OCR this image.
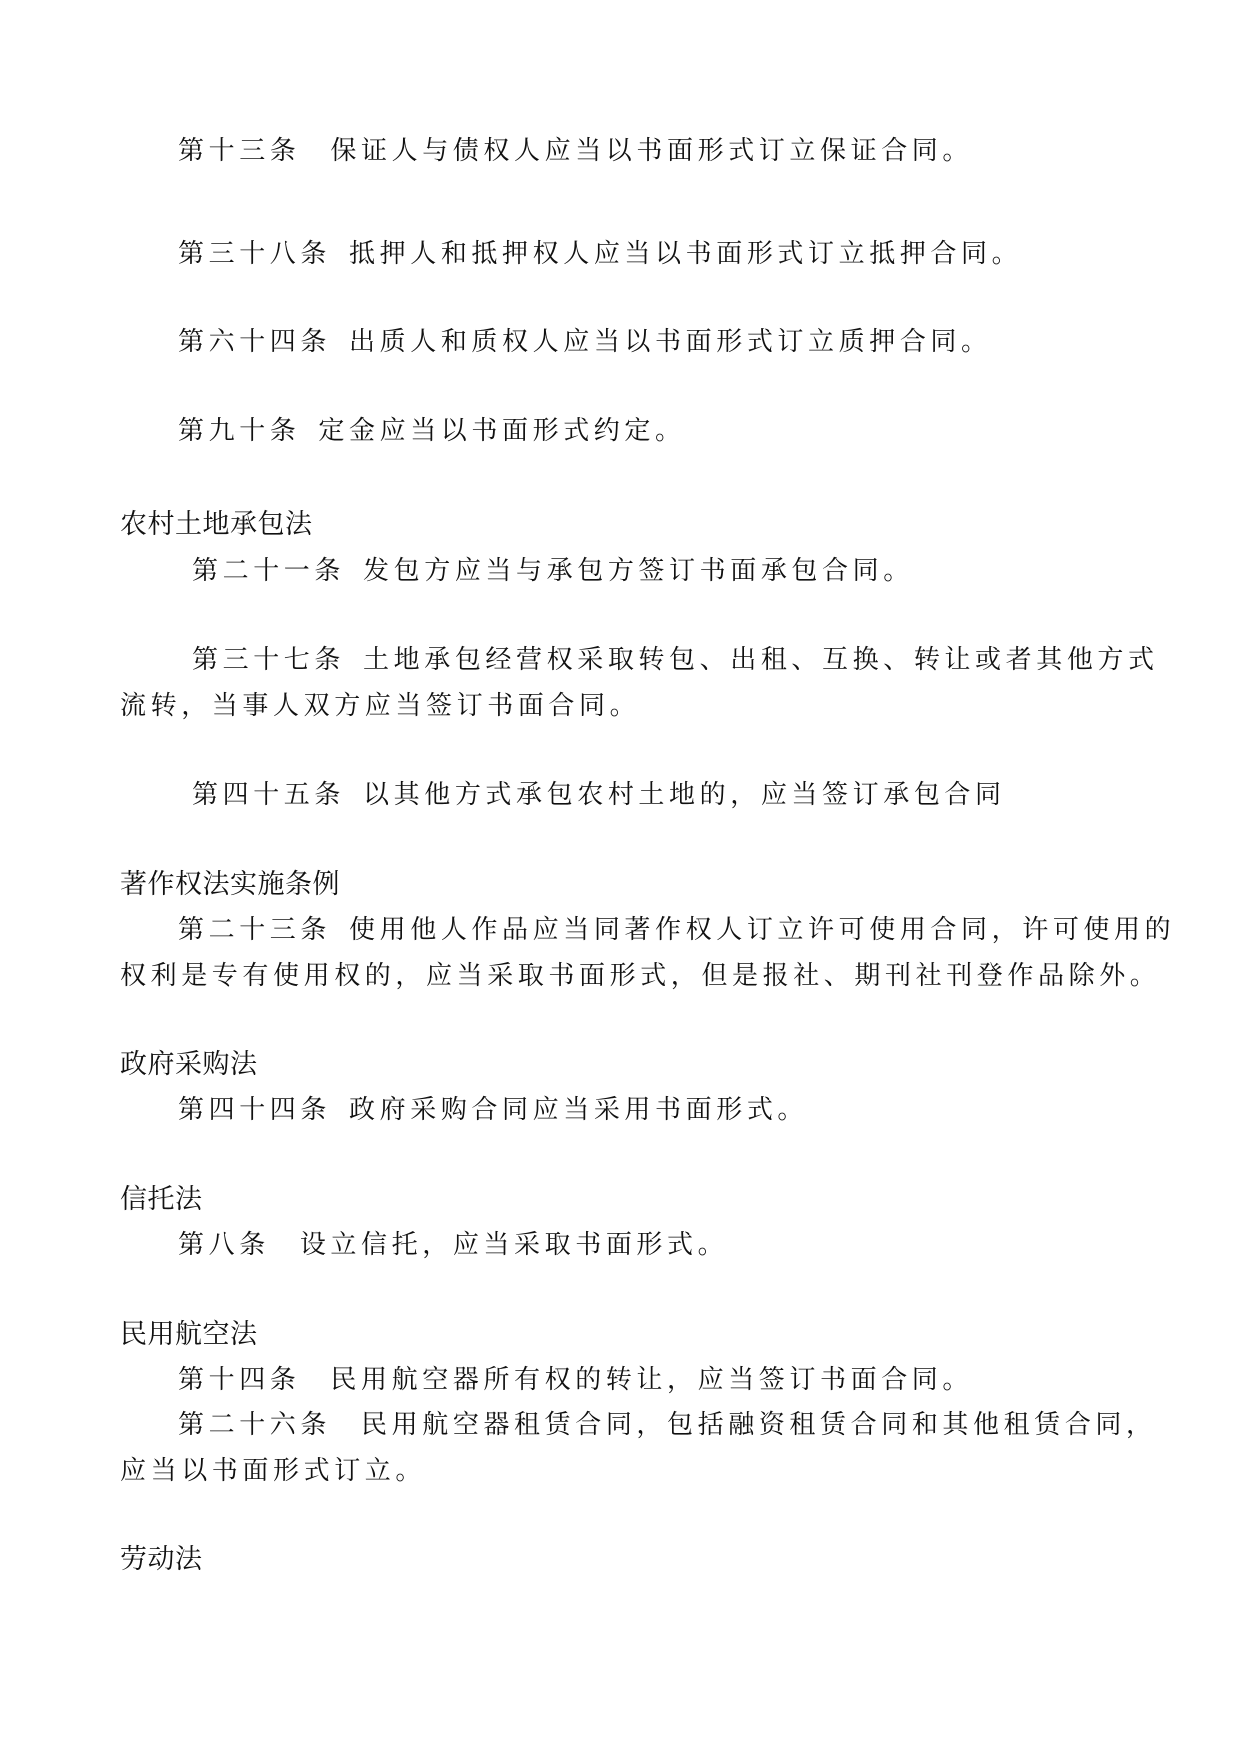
第十三条 保证人与债权人应当以书面形式订立保证合同。
第三十八条 抵押人和抵押权人应当以书面形式订立抵押合同。
第六十四条 出质人和质权人应当以书面形式订立质押合同。
第九十条 定金应当以书面形式约定。
农村土地承包法
第二十一条 发包方应当与承包方签订书面承包合同。
第三十七条 土地承包经营权采取转包、出租、互换、转让或者其他方式
流转，当事人双方应当签订书面合同。
第四十五条 以其他方式承包农村土地的，应当签订承包合同
著作权法实施条例
第二十三条 使用他人作品应当同著作权人订立许可使用合同，许可使用的
权利是专有使用权的，应当采取书面形式，但是报社、期刊社刊登作品除外。
政府采购法
第四十四条 政府采购合同应当采用书面形式。
信托法
第八条 设立信托，应当采取书面形式。
民用航空法
第十四条 民用航空器所有权的转让，应当签订书面合同。
第二十六条 民用航空器租赁合同，包括融资租赁合同和其他租赁合同，
应当以书面形式订立。
劳动法
